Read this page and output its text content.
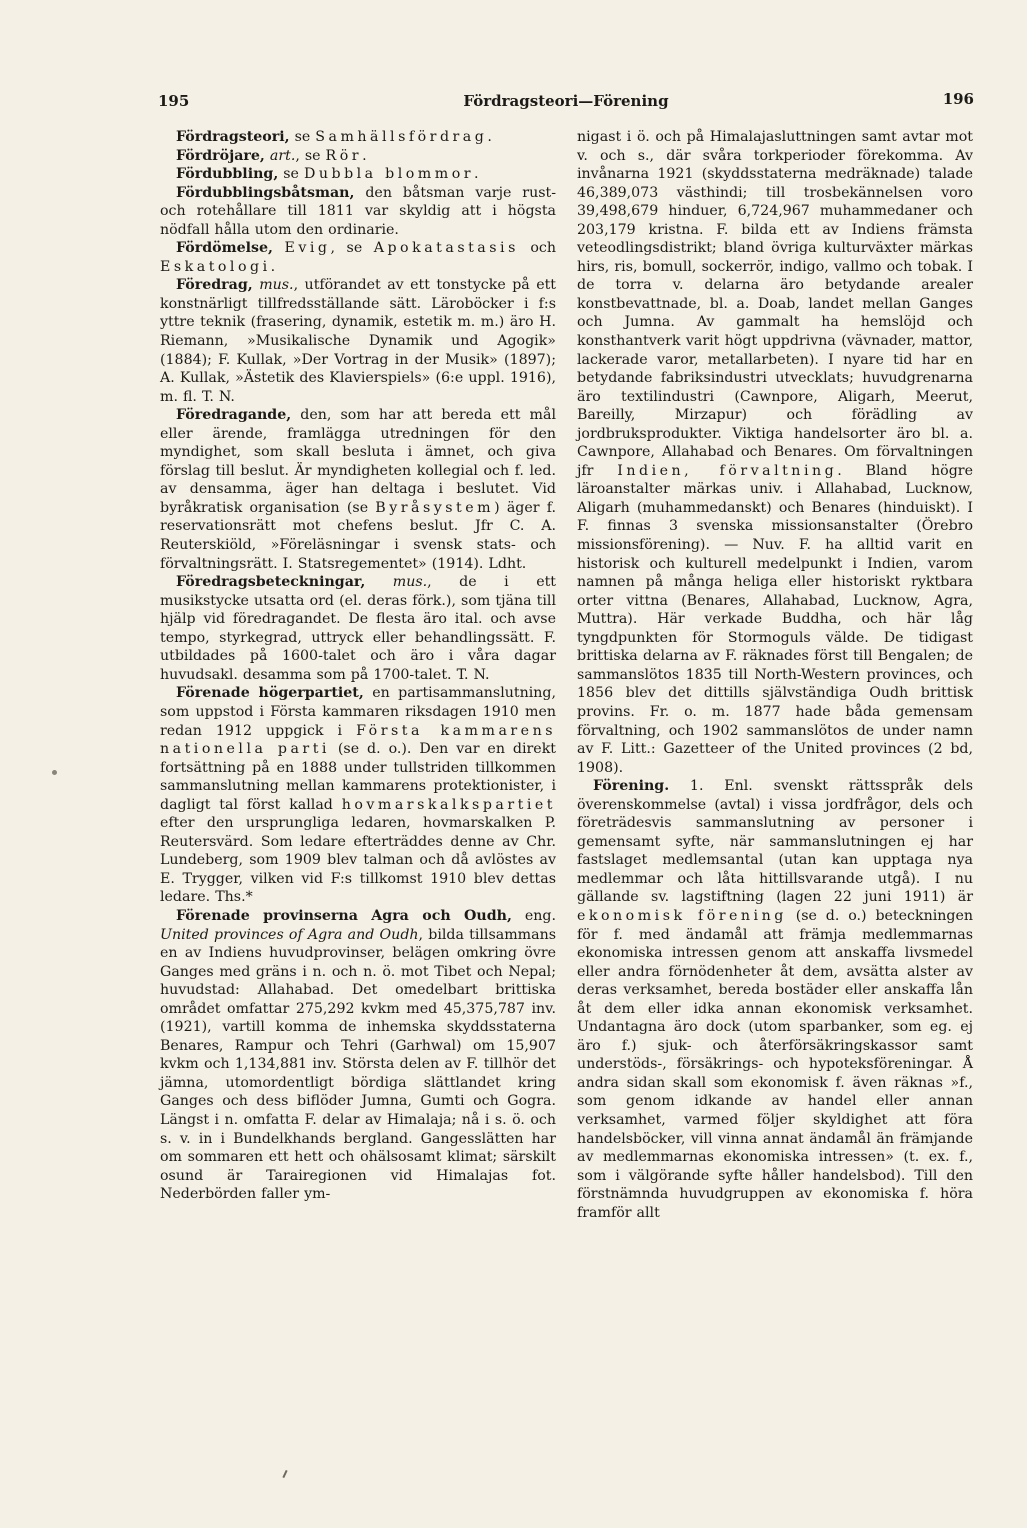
195	Fördragsteori—Förening	196

Fördragsteori, se Samhällsfördrag.

Fördröjare, art., se Rör.

Fördubbling, se Dubbla blommor.

Fördubblingsbåtsman, den båtsman varje rust- och rotehållare till 1811 var skyldig att i högsta nödfall hålla utom den ordinarie.

Fördömelse, Evig, se Apokatastasis och Eskatologi.

Föredrag, mus., utförandet av ett tonstycke på ett konstnärligt tillfredsställande sätt. Läroböcker i f:s yttre teknik (frasering, dynamik, estetik m. m.) äro H. Riemann, »Musikalische Dynamik und Agogik» (1884); F. Kullak, »Der Vortrag in der Musik» (1897); A. Kullak, »Ästetik des Klavierspiels» (6:e uppl. 1916), m. fl. T. N.

Föredragande, den, som har att bereda ett mål eller ärende, framlägga utredningen för den myndighet, som skall besluta i ämnet, och giva förslag till beslut. Är myndigheten kollegial och f. led. av densamma, äger han deltaga i beslutet. Vid byråkratisk organisation (se Byråsystem) äger f. reservationsrätt mot chefens beslut. Jfr C. A. Reuterskiöld, »Föreläsningar i svensk stats- och förvaltningsrätt. I. Statsregementet» (1914). Ldht.

Föredragsbeteckningar, mus., de i ett musikstycke utsatta ord (el. deras förk.), som tjäna till hjälp vid föredragandet. De flesta äro ital. och avse tempo, styrkegrad, uttryck eller behandlingssätt. F. utbildades på 1600-talet och äro i våra dagar huvudsakl. desamma som på 1700-talet. T. N.

Förenade högerpartiet, en partisammanslutning, som uppstod i Första kammaren riksdagen 1910 men redan 1912 uppgick i Första kammarens nationella parti (se d. o.). Den var en direkt fortsättning på en 1888 under tullstriden tillkommen sammanslutning mellan kammarens protektionister, i dagligt tal först kallad hovmarskalkspartiet efter den ursprungliga ledaren, hovmarskalken P. Reutersvärd. Som ledare efterträddes denne av Chr. Lundeberg, som 1909 blev talman och då avlöstes av E. Trygger, vilken vid F:s tillkomst 1910 blev dettas ledare. Ths.*

Förenade provinserna Agra och Oudh, eng. United provinces of Agra and Oudh, bilda tillsammans en av Indiens huvudprovinser, belägen omkring övre Ganges med gräns i n. och n. ö. mot Tibet och Nepal; huvudstad: Allahabad. Det omedelbart brittiska området omfattar 275,292 kvkm med 45,375,787 inv. (1921), vartill komma de inhemska skyddsstaterna Benares, Rampur och Tehri (Garhwal) om 15,907 kvkm och 1,134,881 inv. Största delen av F. tillhör det jämna, utomordentligt bördiga slättlandet kring Ganges och dess biflöder Jumna, Gumti och Gogra. Längst i n. omfatta F. delar av Himalaja; nå i s. ö. och s. v. in i Bundelkhands bergland. Gangesslätten har om sommaren ett hett och ohälsosamt klimat; särskilt osund är Tarairegionen vid Himalajas fot. Nederbörden faller ym-

nigast i ö. och på Himalajasluttningen samt avtar mot v. och s., där svåra torkperioder förekomma. Av invånarna 1921 (skyddsstaterna medräknade) talade 46,389,073 västhindi; till trosbekännelsen voro 39,498,679 hinduer, 6,724,967 muhammedaner och 203,179 kristna. F. bilda ett av Indiens främsta veteodlingsdistrikt; bland övriga kulturväxter märkas hirs, ris, bomull, sockerrör, indigo, vallmo och tobak. I de torra v. delarna äro betydande arealer konstbevattnade, bl. a. Doab, landet mellan Ganges och Jumna. Av gammalt ha hemslöjd och konsthantverk varit högt uppdrivna (vävnader, mattor, lackerade varor, metallarbeten). I nyare tid har en betydande fabriksindustri utvecklats; huvudgrenarna äro textilindustri (Cawnpore, Aligarh, Meerut, Bareilly, Mirzapur) och förädling av jordbruksprodukter. Viktiga handelsorter äro bl. a. Cawnpore, Allahabad och Benares. Om förvaltningen jfr Indien, förvaltning. Bland högre läroanstalter märkas univ. i Allahabad, Lucknow, Aligarh (muhammedanskt) och Benares (hinduiskt). I F. finnas 3 svenska missionsanstalter (Örebro missionsförening). — Nuv. F. ha alltid varit en historisk och kulturell medelpunkt i Indien, varom namnen på många heliga eller historiskt ryktbara orter vittna (Benares, Allahabad, Lucknow, Agra, Muttra). Här verkade Buddha, och här låg tyngdpunkten för Stormoguls välde. De tidigast brittiska delarna av F. räknades först till Bengalen; de sammanslötos 1835 till North-Western provinces, och 1856 blev det dittills självständiga Oudh brittisk provins. Fr. o. m. 1877 hade båda gemensam förvaltning, och 1902 sammanslötos de under namn av F. Litt.: Gazetteer of the United provinces (2 bd, 1908).

Förening. 1. Enl. svenskt rättsspråk dels överenskommelse (avtal) i vissa jordfrågor, dels och företrädesvis sammanslutning av personer i gemensamt syfte, när sammanslutningen ej har fastslaget medlemsantal (utan kan upptaga nya medlemmar och låta hittillsvarande utgå). I nu gällande sv. lagstiftning (lagen 22 juni 1911) är ekonomisk förening (se d. o.) beteckningen för f. med ändamål att främja medlemmarnas ekonomiska intressen genom att anskaffa livsmedel eller andra förnödenheter åt dem, avsätta alster av deras verksamhet, bereda bostäder eller anskaffa lån åt dem eller idka annan ekonomisk verksamhet. Undantagna äro dock (utom sparbanker, som eg. ej äro f.) sjuk- och återförsäkringskassor samt understöds-, försäkrings- och hypoteksföreningar. Å andra sidan skall som ekonomisk f. även räknas »f., som genom idkande av handel eller annan verksamhet, varmed följer skyldighet att föra handelsböcker, vill vinna annat ändamål än främjande av medlemmarnas ekonomiska intressen» (t. ex. f., som i välgörande syfte håller handelsbod). Till den förstnämnda huvudgruppen av ekonomiska f. höra framför allt
